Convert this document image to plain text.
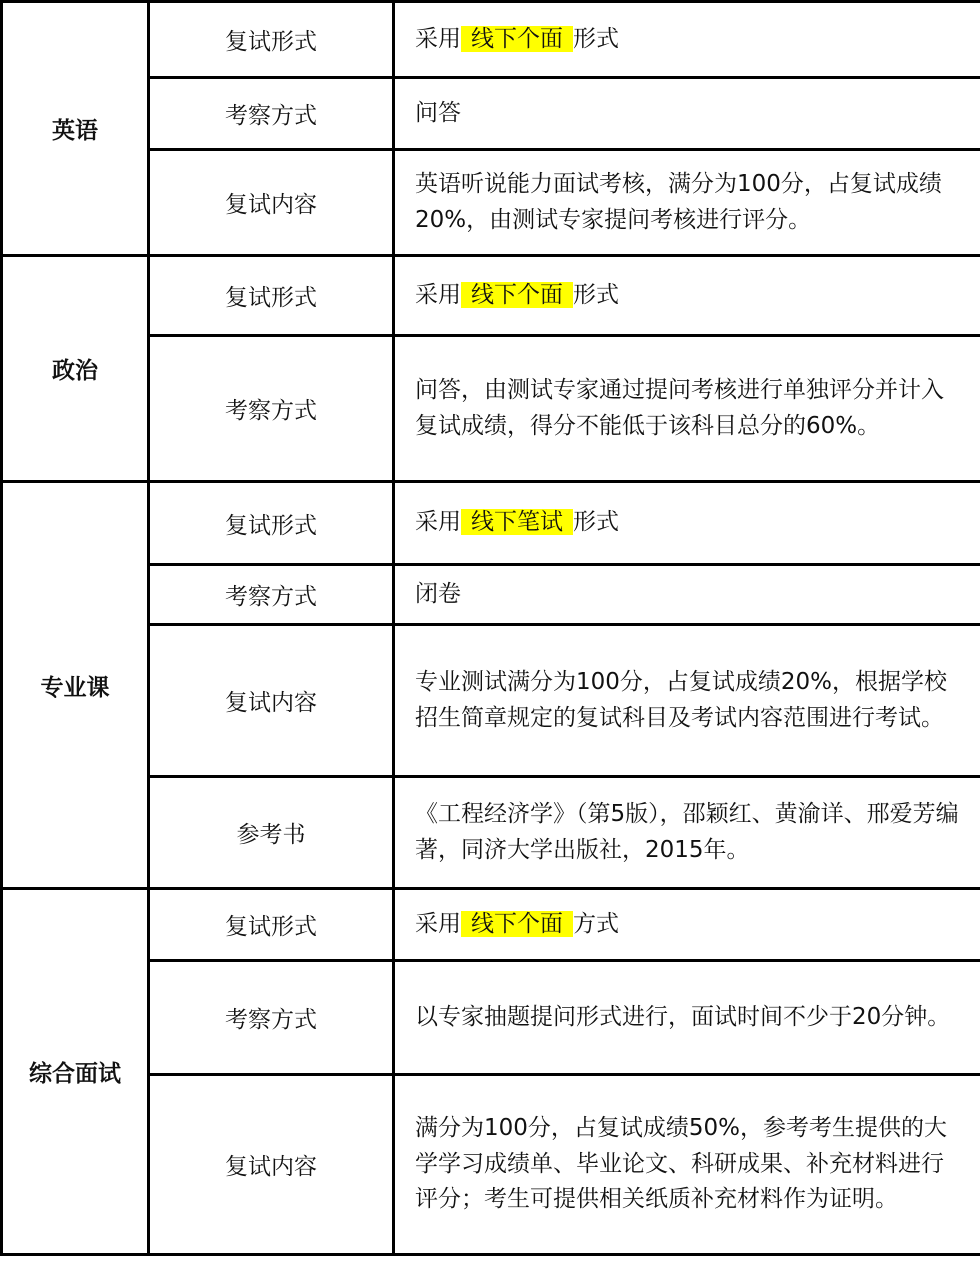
英语	复试形式	采用 线下个面 形式
	考察方式	问答
	复试内容	英语听说能力面试考核，满分为100分，占复试成绩20%，由测试专家提问考核进行评分。
政治	复试形式	采用 线下个面 形式
	考察方式	问答，由测试专家通过提问考核进行单独评分并计入复试成绩，得分不能低于该科目总分的60%。
专业课	复试形式	采用 线下笔试 形式
	考察方式	闭卷
	复试内容	专业测试满分为100分，占复试成绩20%，根据学校招生简章规定的复试科目及考试内容范围进行考试。
	参考书	《工程经济学》（第5版），邵颖红、黄渝详、邢爱芳编著，同济大学出版社，2015年。
综合面试	复试形式	采用 线下个面 方式
	考察方式	以专家抽题提问形式进行，面试时间不少于20分钟。
	复试内容	满分为100分，占复试成绩50%，参考考生提供的大学学习成绩单、毕业论文、科研成果、补充材料进行评分；考生可提供相关纸质补充材料作为证明。
